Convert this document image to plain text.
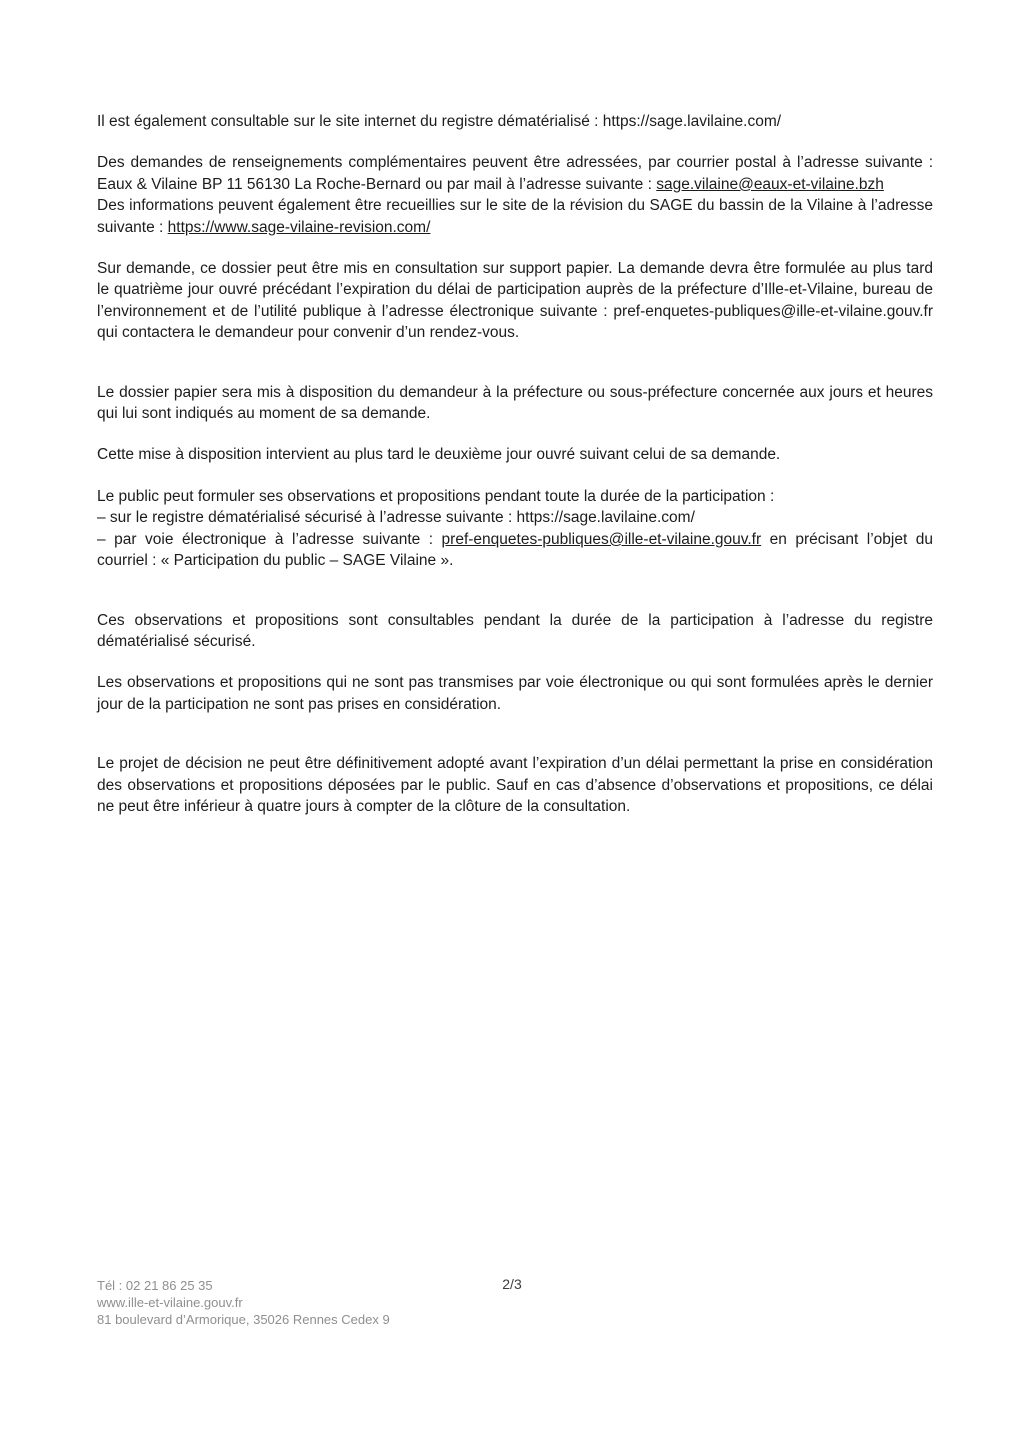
Il est également consultable sur le site internet du registre dématérialisé : https://sage.lavilaine.com/

Des demandes de renseignements complémentaires peuvent être adressées, par courrier postal à l’adresse suivante : Eaux & Vilaine BP 11 56130 La Roche-Bernard ou par mail à l’adresse suivante : sage.vilaine@eaux-et-vilaine.bzh
Des informations peuvent également être recueillies sur le site de la révision du SAGE du bassin de la Vilaine à l’adresse suivante : https://www.sage-vilaine-revision.com/

Sur demande, ce dossier peut être mis en consultation sur support papier. La demande devra être formulée au plus tard le quatrième jour ouvré précédant l’expiration du délai de participation auprès de la préfecture d’Ille-et-Vilaine, bureau de l’environnement et de l’utilité publique à l’adresse électronique suivante : pref-enquetes-publiques@ille-et-vilaine.gouv.fr qui contactera le demandeur pour convenir d’un rendez-vous.

Le dossier papier sera mis à disposition du demandeur à la préfecture ou sous-préfecture concernée aux jours et heures qui lui sont indiqués au moment de sa demande.

Cette mise à disposition intervient au plus tard le deuxième jour ouvré suivant celui de sa demande.

Le public peut formuler ses observations et propositions pendant toute la durée de la participation :
– sur le registre dématérialisé sécurisé à l’adresse suivante : https://sage.lavilaine.com/
– par voie électronique à l’adresse suivante : pref-enquetes-publiques@ille-et-vilaine.gouv.fr en précisant l’objet du courriel : « Participation du public – SAGE Vilaine ».

Ces observations et propositions sont consultables pendant la durée de la participation à l’adresse du registre dématérialisé sécurisé.

Les observations et propositions qui ne sont pas transmises par voie électronique ou qui sont formulées après le dernier jour de la participation ne sont pas prises en considération.

Le projet de décision ne peut être définitivement adopté avant l’expiration d’un délai permettant la prise en considération des observations et propositions déposées par le public. Sauf en cas d’absence d’observations et propositions, ce délai ne peut être inférieur à quatre jours à compter de la clôture de la consultation.

Tél : 02 21 86 25 35
www.ille-et-vilaine.gouv.fr
81 boulevard d’Armorique, 35026 Rennes Cedex 9
2/3
